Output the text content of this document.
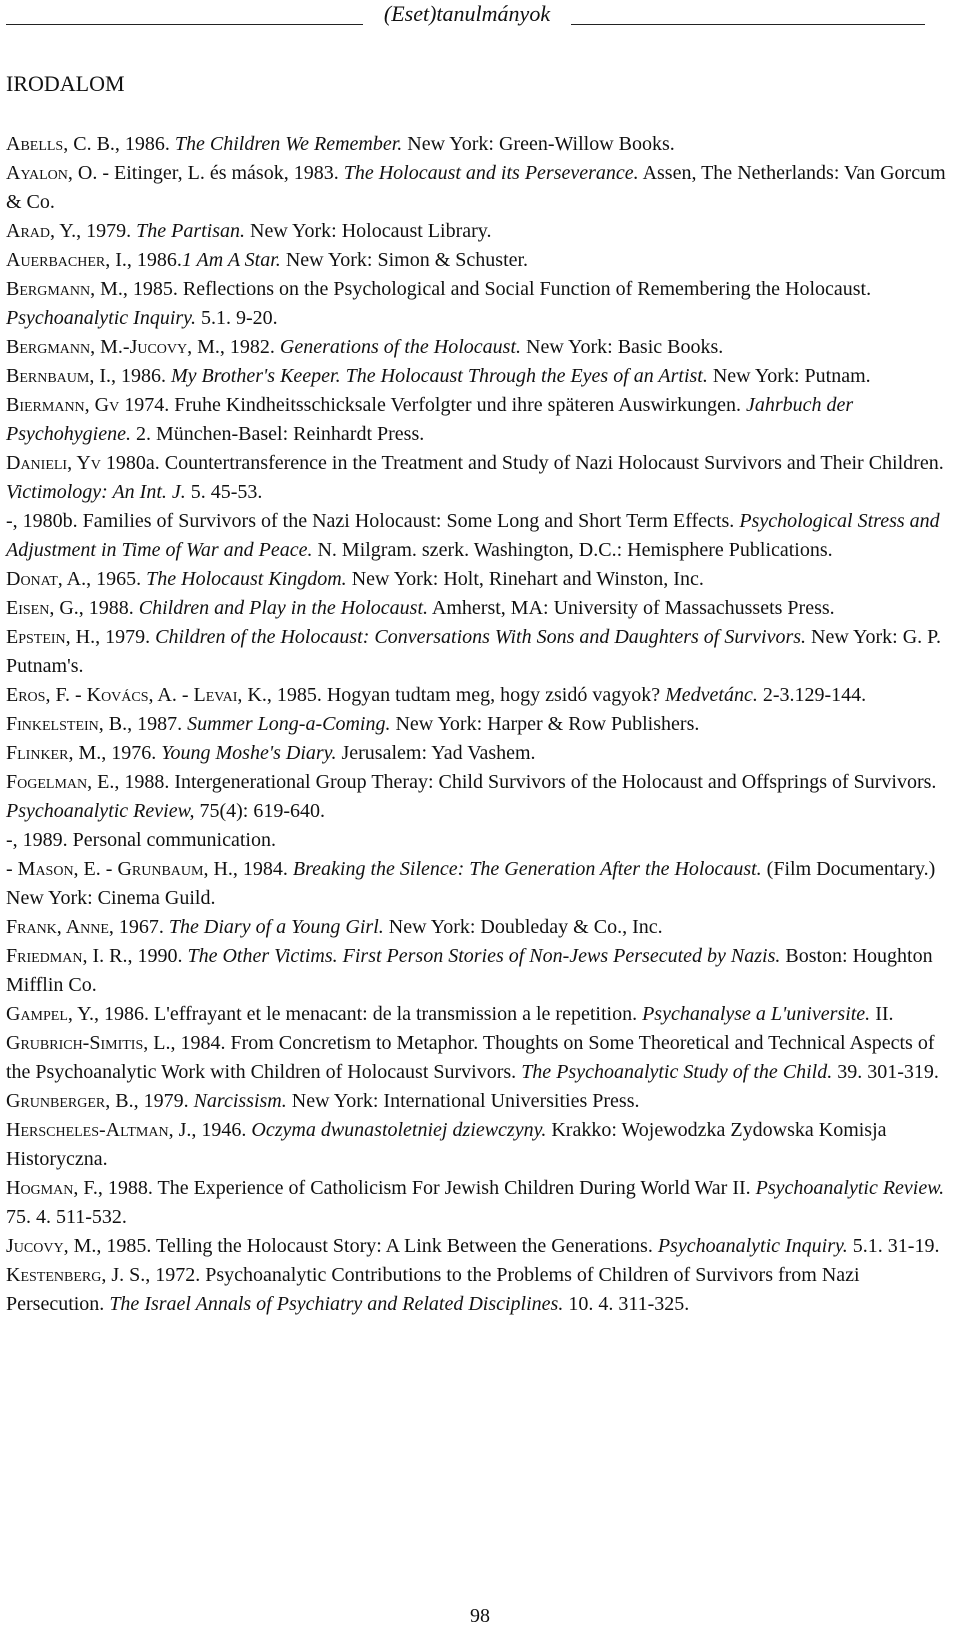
(Eset)tanulmányok
IRODALOM

Abells, C. B., 1986. The Children We Remember. New York: Green-Willow Books.

Ayalon, O. - Eitinger, L. és mások, 1983. The Holocaust and its Perseverance. Assen, The Netherlands: Van Gorcum & Co.

Arad, Y., 1979. The Partisan. New York: Holocaust Library.

Auerbacher, I., 1986.1 Am A Star. New York: Simon & Schuster.

Bergmann, M., 1985. Reflections on the Psychological and Social Function of Remembering the Holocaust. Psychoanalytic Inquiry. 5.1. 9-20.

Bergmann, M.-Jucovy, M., 1982. Generations of the Holocaust. New York: Basic Books.

Bernbaum, I., 1986. My Brother's Keeper. The Holocaust Through the Eyes of an Artist. New York: Putnam.

Biermann, Gv 1974. Fruhe Kindheitsschicksale Verfolgter und ihre späteren Auswirkungen. Jahrbuch der Psychohygiene. 2. München-Basel: Reinhardt Press.

Danieli, Yv 1980a. Countertransference in the Treatment and Study of Nazi Holocaust Survivors and Their Children. Victimology: An Int. J. 5. 45-53.

-, 1980b. Families of Survivors of the Nazi Holocaust: Some Long and Short Term Effects. Psychological Stress and Adjustment in Time of War and Peace. N. Milgram. szerk. Washington, D.C.: Hemisphere Publications.

Donat, A., 1965. The Holocaust Kingdom. New York: Holt, Rinehart and Winston, Inc.

Eisen, G., 1988. Children and Play in the Holocaust. Amherst, MA: University of Massachussets Press.

Epstein, H., 1979. Children of the Holocaust: Conversations With Sons and Daughters of Survivors. New York: G. P. Putnam's.

Eros, F. - Kovács, A. - Levai, K., 1985. Hogyan tudtam meg, hogy zsidó vagyok? Medvetánc. 2-3.129-144.

Finkelstein, B., 1987. Summer Long-a-Coming. New York: Harper & Row Publishers.

Flinker, M., 1976. Young Moshe's Diary. Jerusalem: Yad Vashem.

Fogelman, E., 1988. Intergenerational Group Theray: Child Survivors of the Holocaust and Offsprings of Survivors. Psychoanalytic Review, 75(4): 619-640.

-, 1989. Personal communication.

- Mason, E. - Grunbaum, H., 1984. Breaking the Silence: The Generation After the Holocaust. (Film Documentary.) New York: Cinema Guild.

Frank, Anne, 1967. The Diary of a Young Girl. New York: Doubleday & Co., Inc.

Friedman, I. R., 1990. The Other Victims. First Person Stories of Non-Jews Persecuted by Nazis. Boston: Houghton Mifflin Co.

Gampel, Y., 1986. L'effrayant et le menacant: de la transmission a le repetition. Psychanalyse a L'universite. II.

Grubrich-Simitis, L., 1984. From Concretism to Metaphor. Thoughts on Some Theoretical and Technical Aspects of the Psychoanalytic Work with Children of Holocaust Survivors. The Psychoanalytic Study of the Child. 39. 301-319.

Grunberger, B., 1979. Narcissism. New York: International Universities Press.

Herscheles-Altman, J., 1946. Oczyma dwunastoletniej dziewczyny. Krakko: Wojewodzka Zydowska Komisja Historyczna.

Hogman, F., 1988. The Experience of Catholicism For Jewish Children During World War II. Psychoanalytic Review. 75. 4. 511-532.

Jucovy, M., 1985. Telling the Holocaust Story: A Link Between the Generations. Psychoanalytic Inquiry. 5.1. 31-19.

Kestenberg, J. S., 1972. Psychoanalytic Contributions to the Problems of Children of Survivors from Nazi Persecution. The Israel Annals of Psychiatry and Related Disciplines. 10. 4. 311-325.

98
